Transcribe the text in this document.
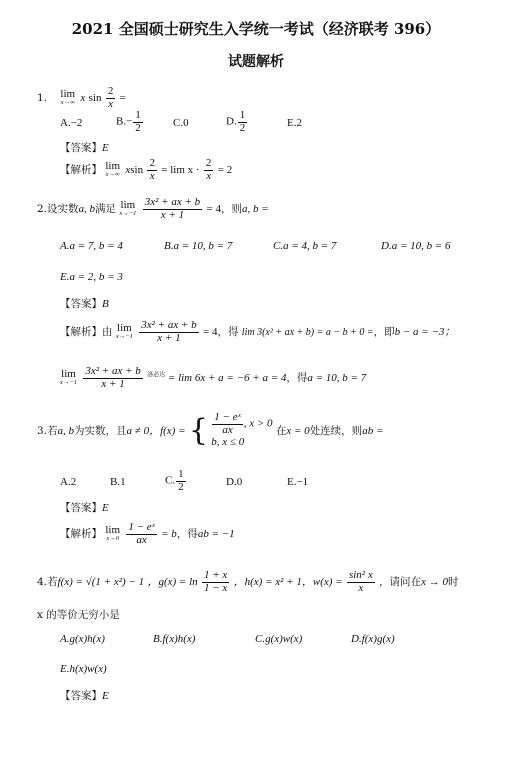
2021 全国硕士研究生入学统一考试（经济联考 396）
试题解析
1. lim
x→∞ x $\sin \frac{2}{x}$ =
A.−2	$B.- \frac{1}{2}$	C.0	D. $\frac{1}{2}$	E.2
【答案】E
【解析】 lim
x→∞ xsin $\frac{2}{x} = \lim x \cdot \frac{2}{x} = 2$
2.设实数a, b满足 lim
x→−1
$\frac{\text{3x² + ax + b}}{x + 1} = 4$，则a, b =
A.a = 7, b = 4	B.a = 10, b = 7	C.a = 4, b = 7	D.a = 10, b = 6
E.a = 2, b = 3
【答案】B
【解析】由 lim
x→−1
$\frac{\text{3x² + ax + b}}{x + 1} = 4$，得 lim 3(x² + ax + b) = a − b + 0 =，即b − a = −3；
lim
x→−1
$\frac{\text{3x² + ax + b}}{x + 1} ^{洛必达} = \lim 6x + a = -6 + a = 4$，得a = 10, b = 7
3.若a, b为实数，且a ≠ 0，f(x) = { $\frac{\text{1 − eˣ}}{ax}$ , x > 0
b, x ≤ 0
在x = 0处连续，则ab =
A.2	B.1	C. $\frac{1}{2}$	D.0	E.−1
【答案】E
【解析】 lim
x→0
$\frac{\text{1 − eˣ}}{ax} = b$，得ab = −1
4.若f(x) = √(1 + x²) − 1 ，$g(x) = \ln \frac{1 + x}{1 - x}$ ，h(x) = x² + 1，$w(x) = \frac{\text{sin² x}}{x}$ ，请问在x → 0时
x 的等价无穷小是
A.g(x)h(x)	B.f(x)h(x)	C.g(x)w(x)	D.f(x)g(x)
E.h(x)w(x)
【答案】E
